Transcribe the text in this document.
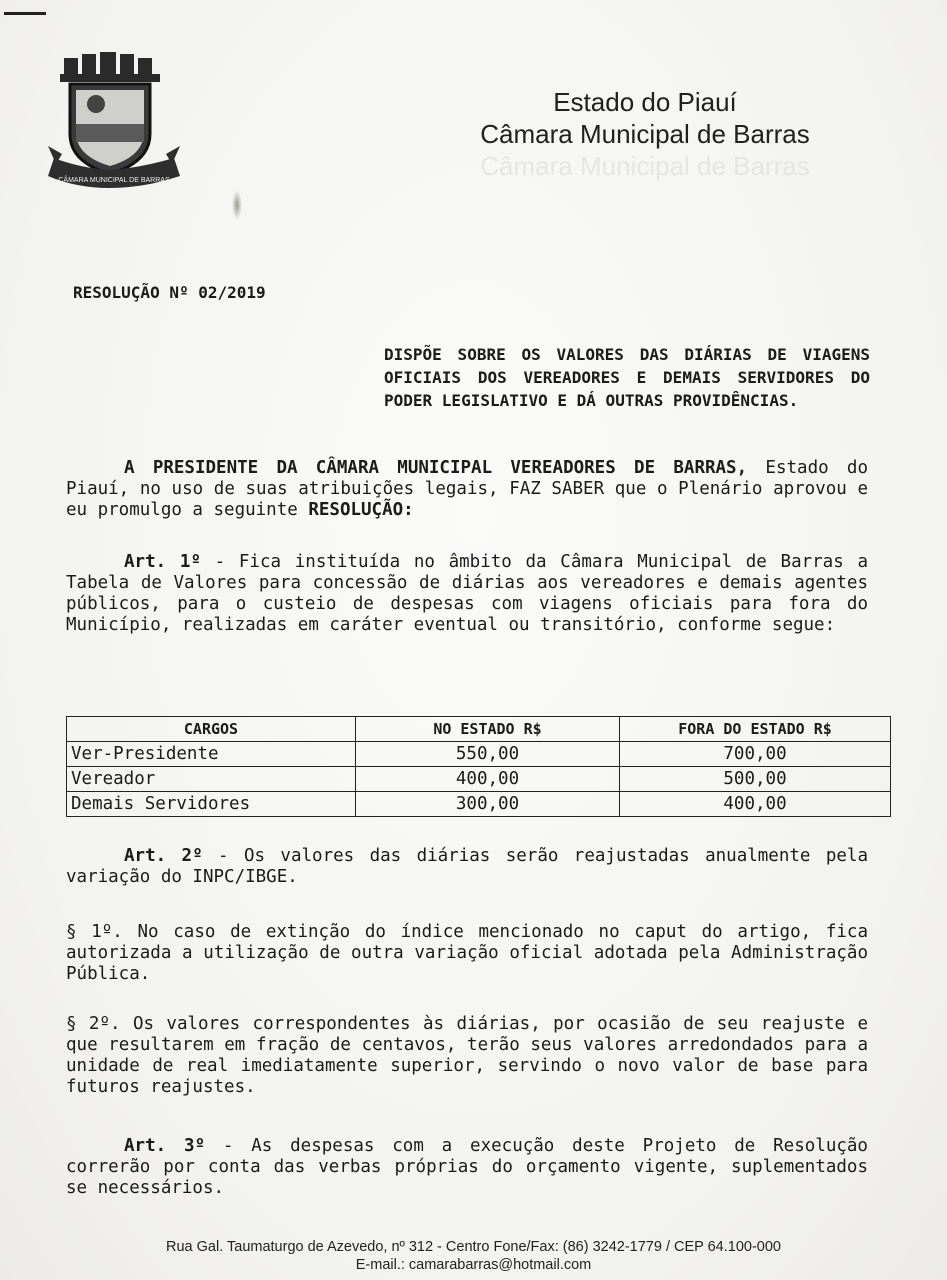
CÂMARA MUNICIPAL DE BARRAS
Estado do Piauí
Câmara Municipal de Barras
Câmara Municipal de Barras
RESOLUÇÃO Nº 02/2019
DISPÕE SOBRE OS VALORES DAS DIÁRIAS DE VIAGENS OFICIAIS DOS VEREADORES E DEMAIS SERVIDORES DO PODER LEGISLATIVO E DÁ OUTRAS PROVIDÊNCIAS.
A PRESIDENTE DA CÂMARA MUNICIPAL VEREADORES DE BARRAS, Estado do Piauí, no uso de suas atribuições legais, FAZ SABER que o Plenário aprovou e eu promulgo a seguinte RESOLUÇÃO:
Art. 1º - Fica instituída no âmbito da Câmara Municipal de Barras a Tabela de Valores para concessão de diárias aos vereadores e demais agentes públicos, para o custeio de despesas com viagens oficiais para fora do Município, realizadas em caráter eventual ou transitório, conforme segue:
CARGOS	NO ESTADO R$	FORA DO ESTADO R$
Ver-Presidente	550,00	700,00
Vereador	400,00	500,00
Demais Servidores	300,00	400,00
Art. 2º - Os valores das diárias serão reajustadas anualmente pela variação do INPC/IBGE.
§ 1º. No caso de extinção do índice mencionado no caput do artigo, fica autorizada a utilização de outra variação oficial adotada pela Administração Pública.
§ 2º. Os valores correspondentes às diárias, por ocasião de seu reajuste e que resultarem em fração de centavos, terão seus valores arredondados para a unidade de real imediatamente superior, servindo o novo valor de base para futuros reajustes.
Art. 3º - As despesas com a execução deste Projeto de Resolução correrão por conta das verbas próprias do orçamento vigente, suplementados se necessários.
Rua Gal. Taumaturgo de Azevedo, nº 312 - Centro Fone/Fax: (86) 3242-1779 / CEP 64.100-000
E-mail.: camarabarras@hotmail.com
